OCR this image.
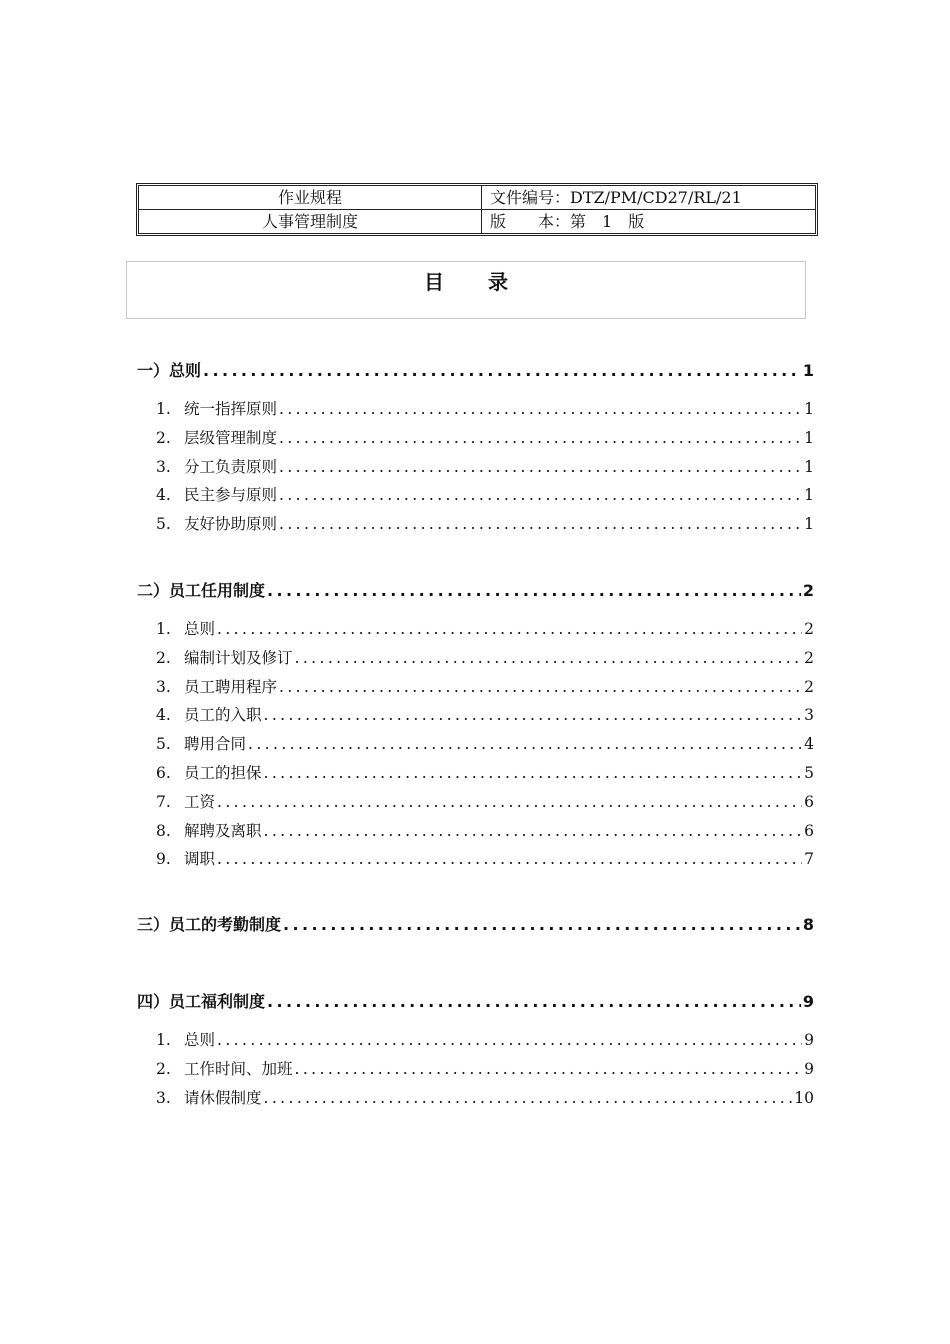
作业规程	文件编号：DTZ/PM/CD27/RL/21
人事管理制度	版　　本：第　1　版
目录
一）总则 .....	1
1. 统一指挥原则 .....	1
2. 层级管理制度 .....	1
3. 分工负责原则 .....	1
4. 民主参与原则 .....	1
5. 友好协助原则 .....	1
二）员工任用制度 .....	2
1. 总则 .....	2
2. 编制计划及修订 .....	2
3. 员工聘用程序 .....	2
4. 员工的入职 .....	3
5. 聘用合同 .....	4
6. 员工的担保 .....	5
7. 工资 .....	6
8. 解聘及离职 .....	6
9. 调职 .....	7
三）员工的考勤制度 .....	8
四）员工福利制度 .....	9
1. 总则 .....	9
2. 工作时间、加班 .....	9
3. 请休假制度 .....	10
